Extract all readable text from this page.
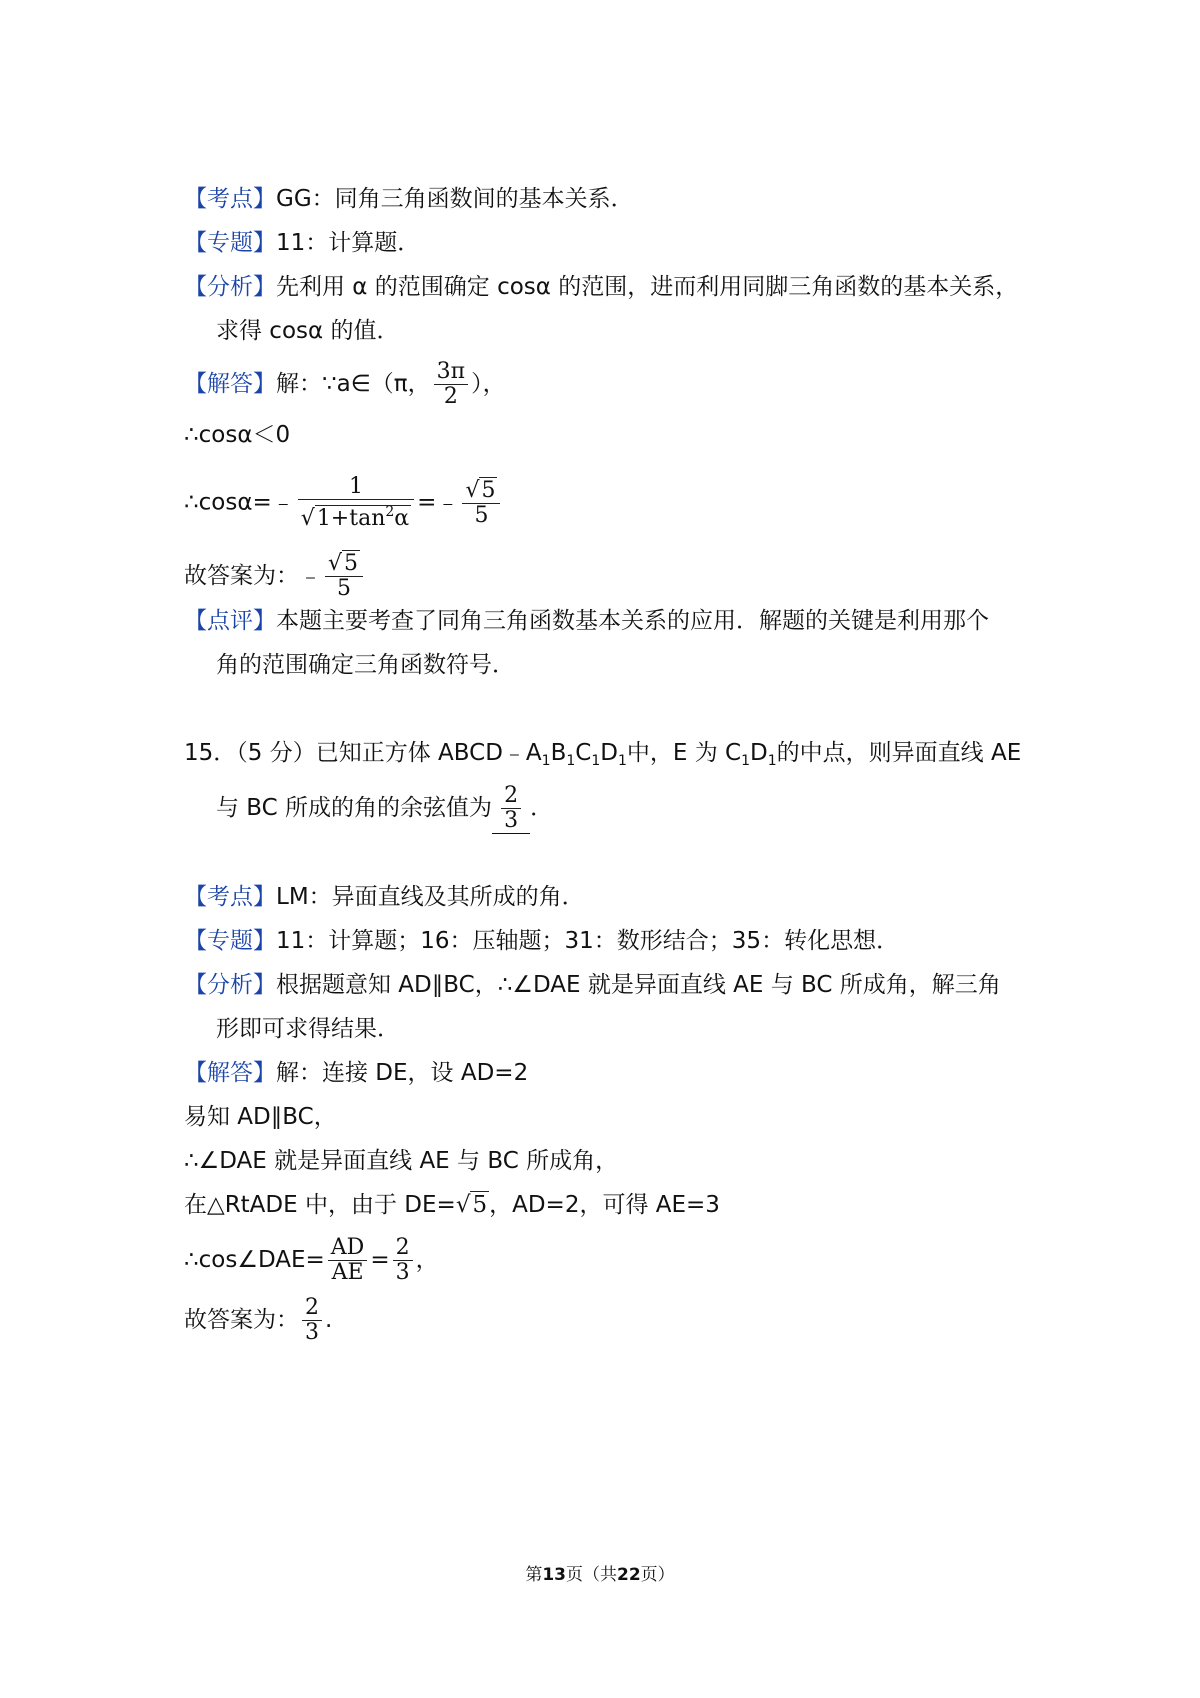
【考点】GG：同角三角函数间的基本关系．
【专题】11：计算题．
【分析】先利用 α 的范围确定 cosα 的范围，进而利用同脚三角函数的基本关系，
求得 cosα 的值．
【解答】解：∵a∈（π， $\frac{3\pi}{2}$ ），
∴cosα＜0
∴cosα=﹣ $\frac{1}{√1+\tan^2\alpha}$ =﹣ $\frac{√5}{5}$
故答案为：﹣ $\frac{√5}{5}$
【点评】本题主要考查了同角三角函数基本关系的应用．解题的关键是利用那个
角的范围确定三角函数符号．
15．（5 分）已知正方体 $ABCD﹣A_1B_1C_1D_1$中，E 为 $C_1D_1$的中点，则异面直线 AE
与 BC 所成的角的余弦值为 $\frac{2}{3}$ ．
【考点】LM：异面直线及其所成的角．
【专题】11：计算题；16：压轴题；31：数形结合；35：转化思想．
【分析】根据题意知 AD∥BC，∴∠DAE 就是异面直线 AE 与 BC 所成角，解三角
形即可求得结果．
【解答】解：连接 DE，设 AD=2
易知 AD∥BC，
∴∠DAE 就是异面直线 AE 与 BC 所成角，
在△RtADE 中，由于 DE=√5，AD=2，可得 AE=3
∴cos∠DAE= $\frac{AD}{AE} = \frac{2}{3}$ ，
故答案为： $\frac{2}{3}$ .
第13页（共22页）
